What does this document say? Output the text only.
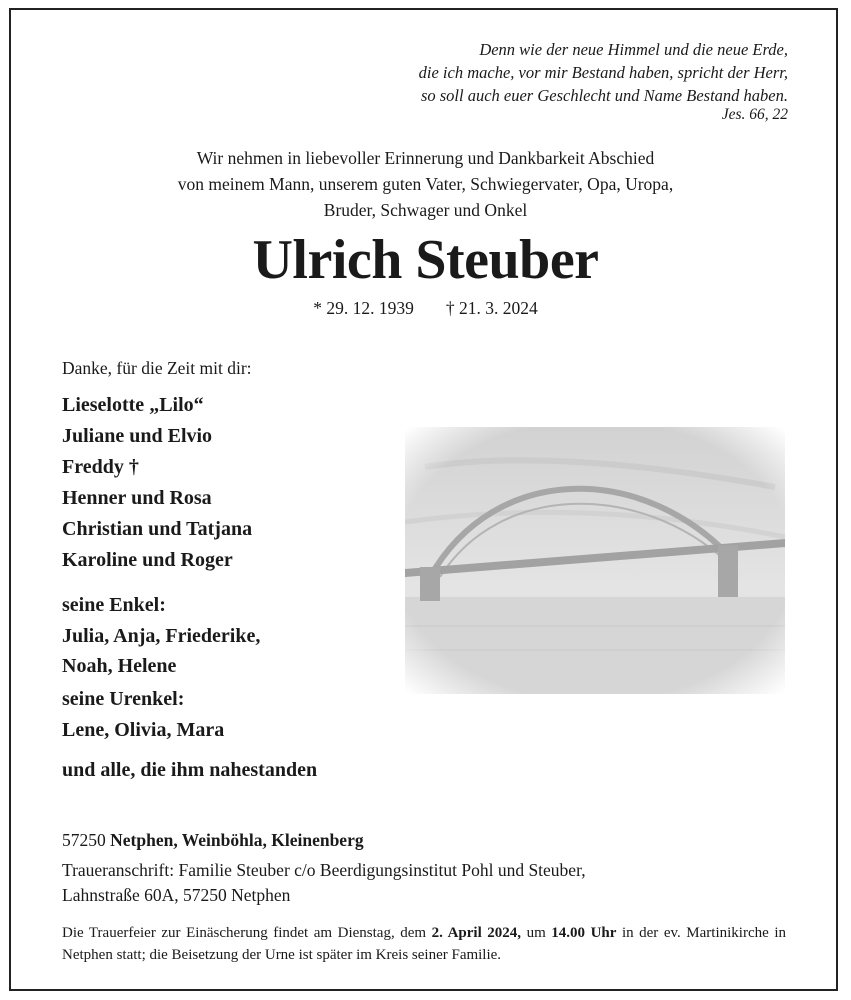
Denn wie der neue Himmel und die neue Erde,
die ich mache, vor mir Bestand haben, spricht der Herr,
so soll auch euer Geschlecht und Name Bestand haben.
Jes. 66, 22
Wir nehmen in liebevoller Erinnerung und Dankbarkeit Abschied
von meinem Mann, unserem guten Vater, Schwiegervater, Opa, Uropa,
Bruder, Schwager und Onkel
Ulrich Steuber
* 29. 12. 1939 † 21. 3. 2024
Danke, für die Zeit mit dir:
Lieselotte „Lilo“
Juliane und Elvio
Freddy †
Henner und Rosa
Christian und Tatjana
Karoline und Roger
seine Enkel:
Julia, Anja, Friederike,
Noah, Helene
seine Urenkel:
Lene, Olivia, Mara
und alle, die ihm nahestanden
57250 Netphen, Weinböhla, Kleinenberg
Traueranschrift: Familie Steuber c/o Beerdigungsinstitut Pohl und Steuber,
Lahnstraße 60A, 57250 Netphen
Die Trauerfeier zur Einäscherung findet am Dienstag, dem 2. April 2024, um 14.00 Uhr in der ev. Martinikirche in Netphen statt; die Beisetzung der Urne ist später im Kreis seiner Familie.
